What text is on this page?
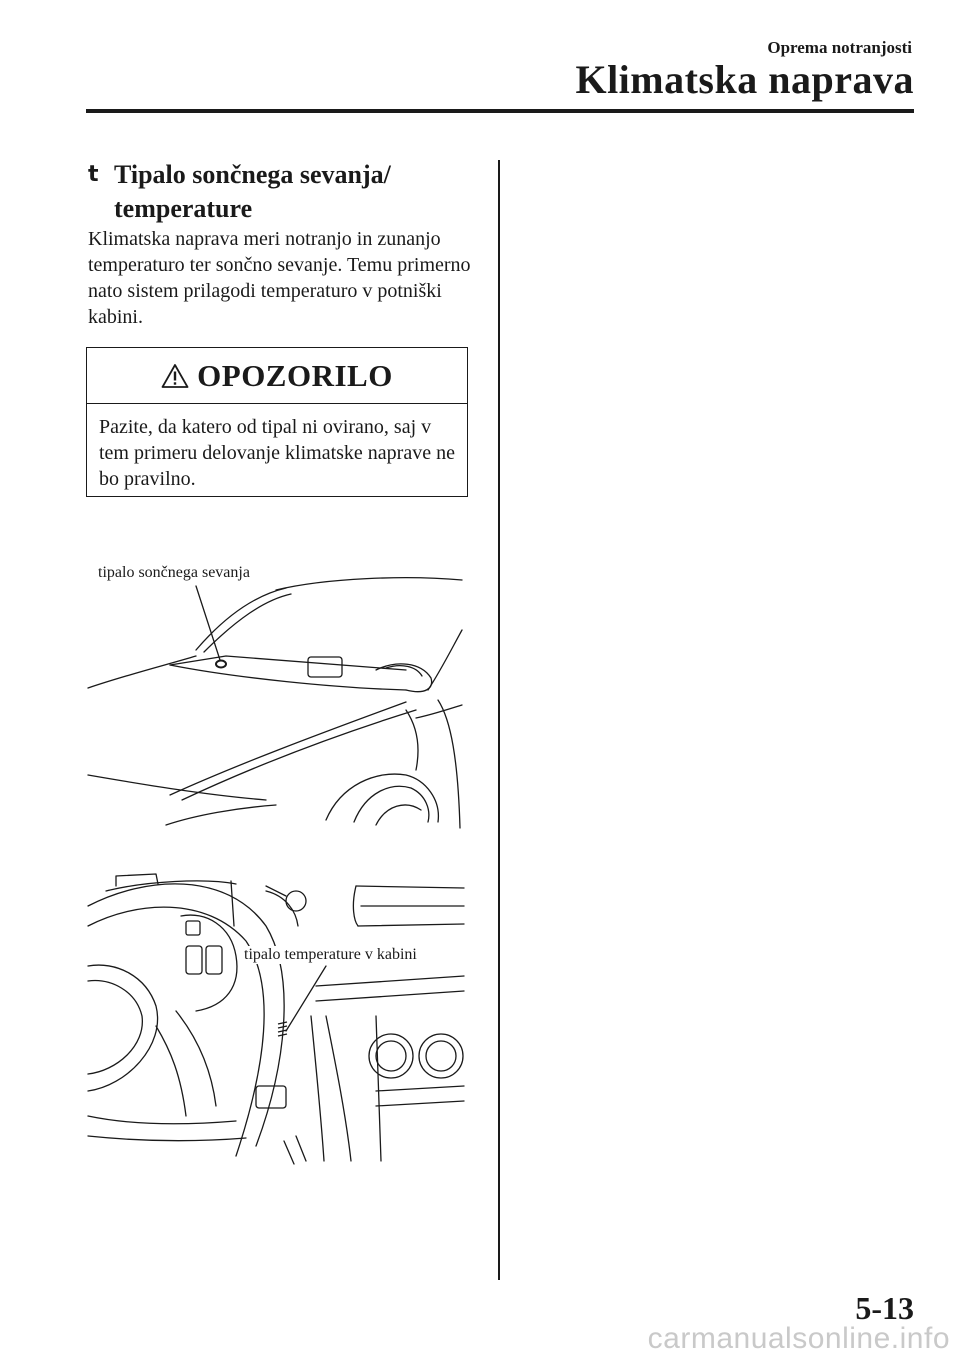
Oprema notranjosti
Klimatska naprava
t Tipalo sončnega sevanja/ temperature

Klimatska naprava meri notranjo in zunanjo temperaturo ter sončno sevanje. Temu primerno nato sistem prilagodi temperaturo v potniški kabini.

OPOZORILO
Pazite, da katero od tipal ni ovirano, saj v tem primeru delovanje klimatske naprave ne bo pravilno.
tipalo sončnega sevanja
tipalo temperature v kabini
5-13
carmanualsonline.info
